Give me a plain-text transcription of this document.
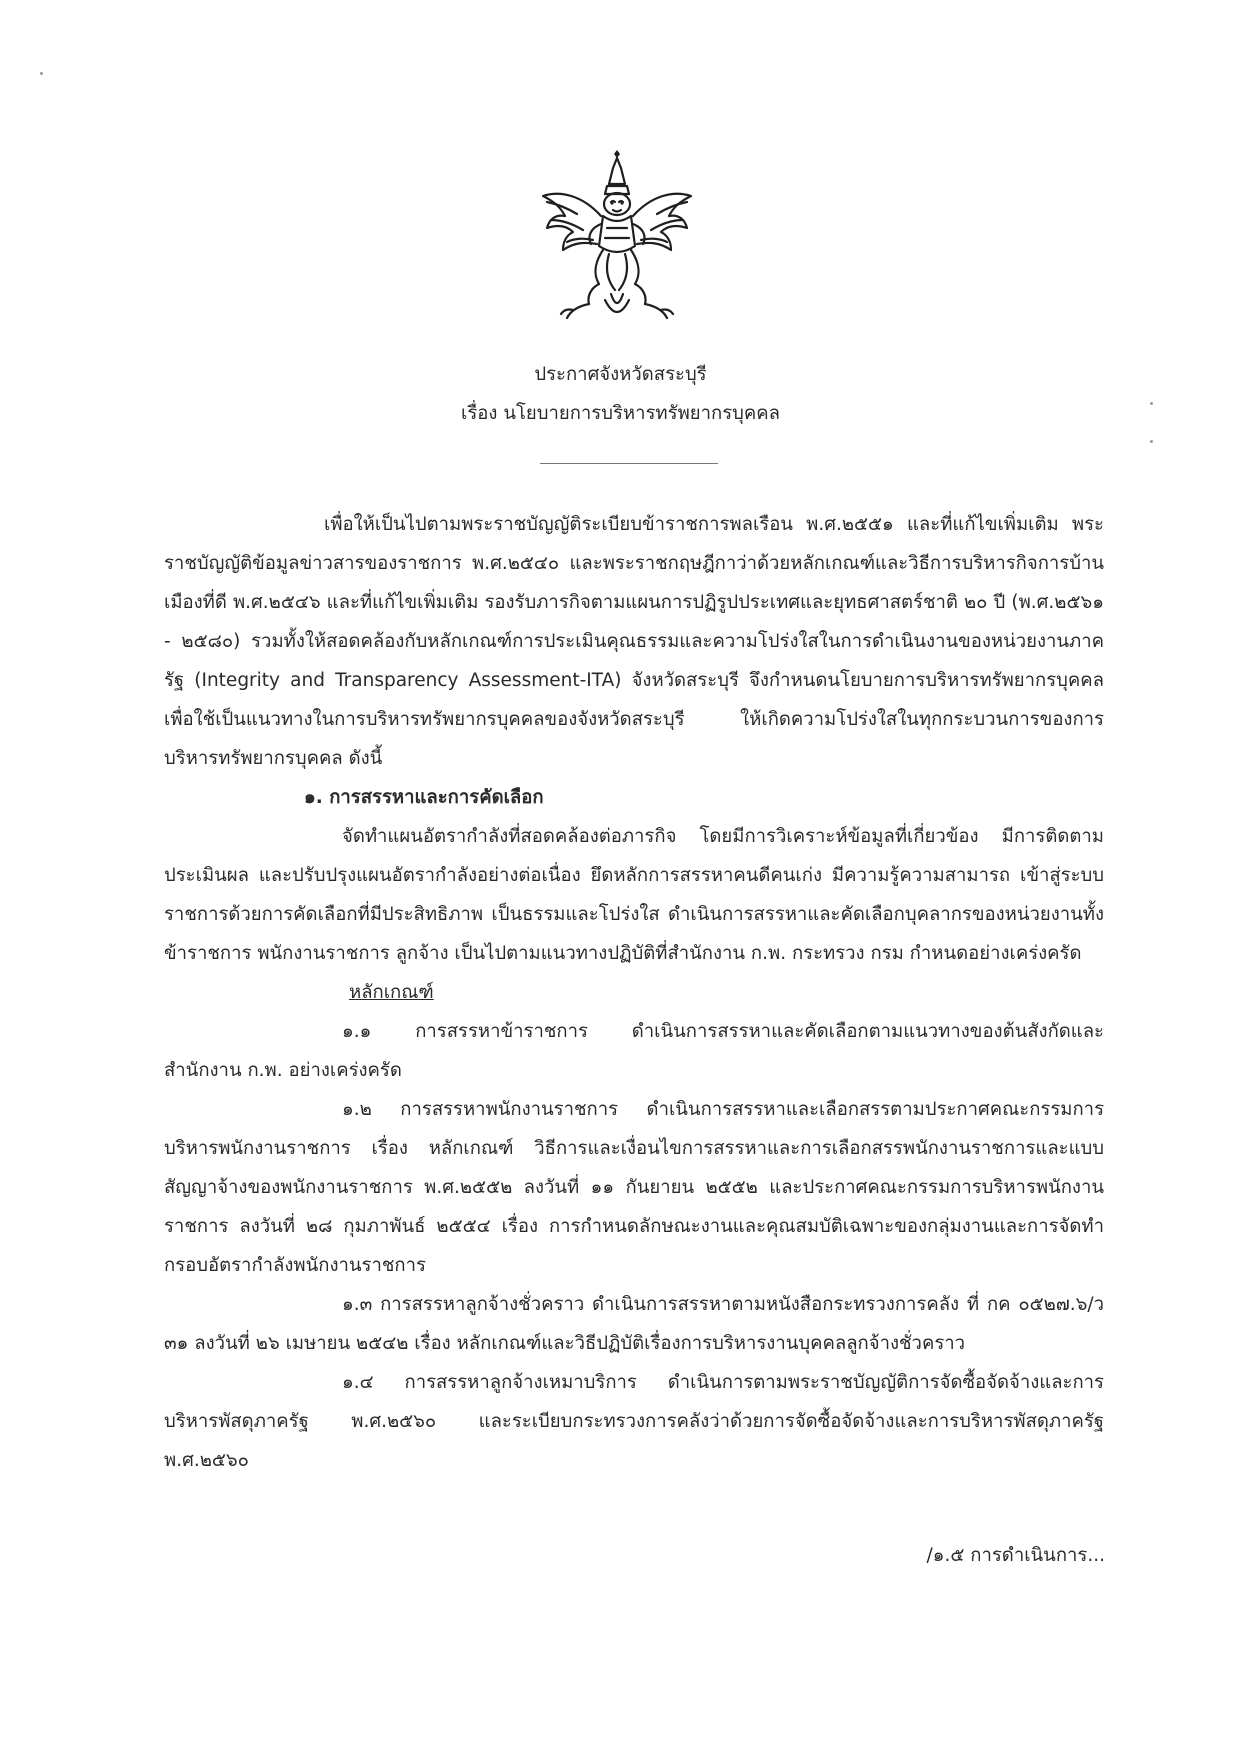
ประกาศจังหวัดสระบุรี
เรื่อง นโยบายการบริหารทรัพยากรบุคคล

เพื่อให้เป็นไปตามพระราชบัญญัติระเบียบข้าราชการพลเรือน พ.ศ.๒๕๕๑ และที่แก้ไขเพิ่มเติม พระราชบัญญัติข้อมูลข่าวสารของราชการ พ.ศ.๒๕๔๐ และพระราชกฤษฎีกาว่าด้วยหลักเกณฑ์และวิธีการบริหารกิจการบ้านเมืองที่ดี พ.ศ.๒๕๔๖ และที่แก้ไขเพิ่มเติม รองรับภารกิจตามแผนการปฏิรูปประเทศและยุทธศาสตร์ชาติ ๒๐ ปี (พ.ศ.๒๕๖๑ - ๒๕๘๐) รวมทั้งให้สอดคล้องกับหลักเกณฑ์การประเมินคุณธรรมและความโปร่งใสในการดำเนินงานของหน่วยงานภาครัฐ (Integrity and Transparency Assessment-ITA) จังหวัดสระบุรี จึงกำหนดนโยบายการบริหารทรัพยากรบุคคล เพื่อใช้เป็นแนวทางในการบริหารทรัพยากรบุคคลของจังหวัดสระบุรี ให้เกิดความโปร่งใสในทุกกระบวนการของการบริหารทรัพยากรบุคคล ดังนี้

๑. การสรรหาและการคัดเลือก

จัดทำแผนอัตรากำลังที่สอดคล้องต่อภารกิจ โดยมีการวิเคราะห์ข้อมูลที่เกี่ยวข้อง มีการติดตาม ประเมินผล และปรับปรุงแผนอัตรากำลังอย่างต่อเนื่อง ยึดหลักการสรรหาคนดีคนเก่ง มีความรู้ความสามารถ เข้าสู่ระบบราชการด้วยการคัดเลือกที่มีประสิทธิภาพ เป็นธรรมและโปร่งใส ดำเนินการสรรหาและคัดเลือกบุคลากรของหน่วยงานทั้งข้าราชการ พนักงานราชการ ลูกจ้าง เป็นไปตามแนวทางปฏิบัติที่สำนักงาน ก.พ. กระทรวง กรม กำหนดอย่างเคร่งครัด

หลักเกณฑ์

๑.๑ การสรรหาข้าราชการ ดำเนินการสรรหาและคัดเลือกตามแนวทางของต้นสังกัดและสำนักงาน ก.พ. อย่างเคร่งครัด

๑.๒ การสรรหาพนักงานราชการ ดำเนินการสรรหาและเลือกสรรตามประกาศคณะกรรมการบริหารพนักงานราชการ เรื่อง หลักเกณฑ์ วิธีการและเงื่อนไขการสรรหาและการเลือกสรรพนักงานราชการและแบบสัญญาจ้างของพนักงานราชการ พ.ศ.๒๕๕๒ ลงวันที่ ๑๑ กันยายน ๒๕๕๒ และประกาศคณะกรรมการบริหารพนักงานราชการ ลงวันที่ ๒๘ กุมภาพันธ์ ๒๕๕๔ เรื่อง การกำหนดลักษณะงานและคุณสมบัติเฉพาะของกลุ่มงานและการจัดทำกรอบอัตรากำลังพนักงานราชการ

๑.๓ การสรรหาลูกจ้างชั่วคราว ดำเนินการสรรหาตามหนังสือกระทรวงการคลัง ที่ กค ๐๕๒๗.๖/ว ๓๑ ลงวันที่ ๒๖ เมษายน ๒๕๔๒ เรื่อง หลักเกณฑ์และวิธีปฏิบัติเรื่องการบริหารงานบุคคลลูกจ้างชั่วคราว

๑.๔ การสรรหาลูกจ้างเหมาบริการ ดำเนินการตามพระราชบัญญัติการจัดซื้อจัดจ้างและการบริหารพัสดุภาครัฐ พ.ศ.๒๕๖๐ และระเบียบกระทรวงการคลังว่าด้วยการจัดซื้อจัดจ้างและการบริหารพัสดุภาครัฐ พ.ศ.๒๕๖๐

/๑.๕ การดำเนินการ...
